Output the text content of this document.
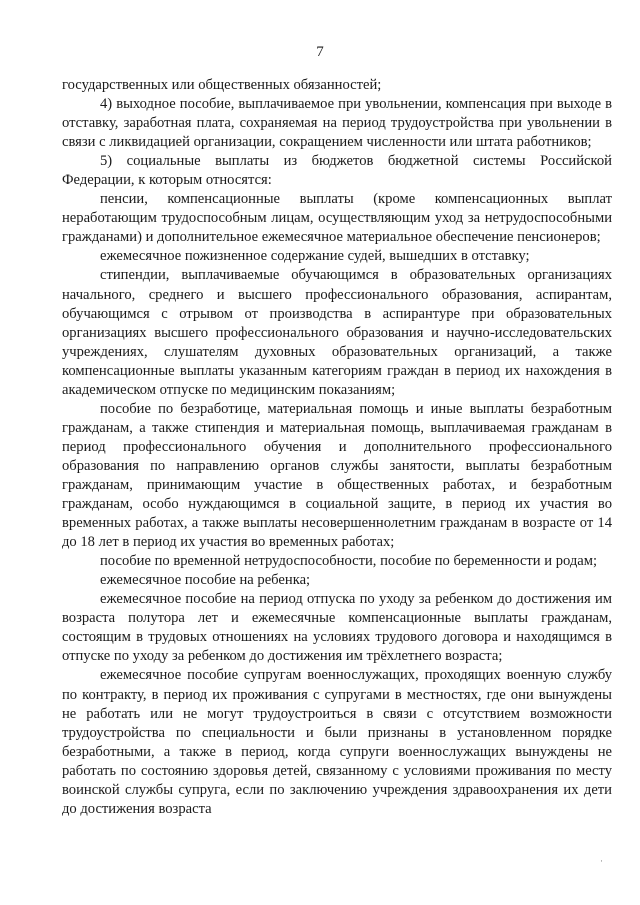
7

государственных или общественных обязанностей;

4) выходное пособие, выплачиваемое при увольнении, компенсация при выходе в отставку, заработная плата, сохраняемая на период трудоустройства при увольнении в связи с ликвидацией организации, сокращением численности или штата работников;

5) социальные выплаты из бюджетов бюджетной системы Российской Федерации, к которым относятся:

пенсии, компенсационные выплаты (кроме компенсационных выплат неработающим трудоспособным лицам, осуществляющим уход за нетрудоспособными гражданами) и дополнительное ежемесячное материальное обеспечение пенсионеров;

ежемесячное пожизненное содержание судей, вышедших в отставку;

стипендии, выплачиваемые обучающимся в образовательных организациях начального, среднего и высшего профессионального образования, аспирантам, обучающимся с отрывом от производства в аспирантуре при образовательных организациях высшего профессионального образования и научно-исследовательских учреждениях, слушателям духовных образовательных организаций, а также компенсационные выплаты указанным категориям граждан в период их нахождения в академическом отпуске по медицинским показаниям;

пособие по безработице, материальная помощь и иные выплаты безработным гражданам, а также стипендия и материальная помощь, выплачиваемая гражданам в период профессионального обучения и дополнительного профессионального образования по направлению органов службы занятости, выплаты безработным гражданам, принимающим участие в общественных работах, и безработным гражданам, особо нуждающимся в социальной защите, в период их участия во временных работах, а также выплаты несовершеннолетним гражданам в возрасте от 14 до 18 лет в период их участия во временных работах;

пособие по временной нетрудоспособности, пособие по беременности и родам;

ежемесячное пособие на ребенка;

ежемесячное пособие на период отпуска по уходу за ребенком до достижения им возраста полутора лет и ежемесячные компенсационные выплаты гражданам, состоящим в трудовых отношениях на условиях трудового договора и находящимся в отпуске по уходу за ребенком до достижения им трёхлетнего возраста;

ежемесячное пособие супругам военнослужащих, проходящих военную службу по контракту, в период их проживания с супругами в местностях, где они вынуждены не работать или не могут трудоустроиться в связи с отсутствием возможности трудоустройства по специальности и были признаны в установленном порядке безработными, а также в период, когда супруги военнослужащих вынуждены не работать по состоянию здоровья детей, связанному с условиями проживания по месту воинской службы супруга, если по заключению учреждения здравоохранения их дети до достижения возраста

·
